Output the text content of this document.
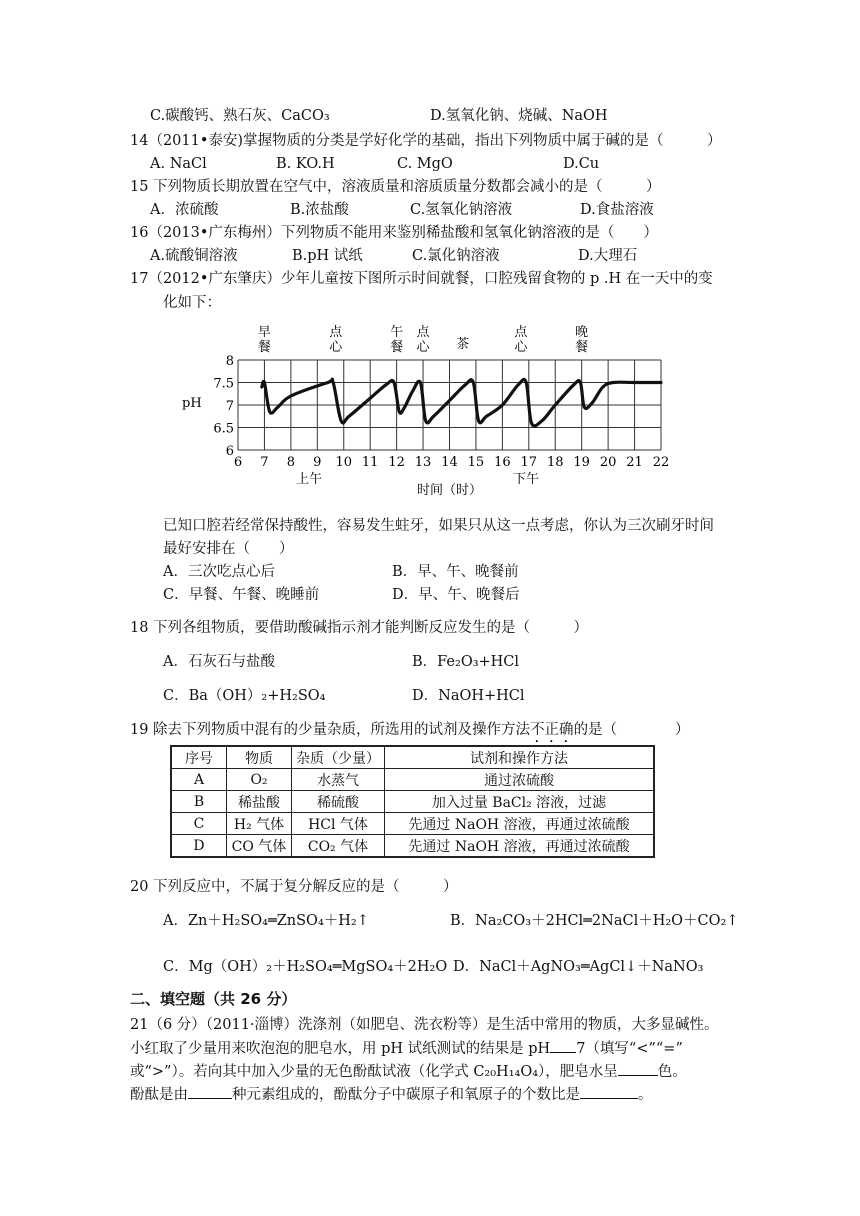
C.碳酸钙、熟石灰、CaCO₃	D.氢氧化钠、烧碱、NaOH
14（2011•泰安)掌握物质的分类是学好化学的基础，指出下列物质中属于碱的是（　　　）
A. NaCl	B. KO.H	C. MgO	D.Cu
15 下列物质长期放置在空气中，溶液质量和溶质质量分数都会减小的是（　　　）
A．浓硫酸	B.浓盐酸	C.氢氧化钠溶液	D.食盐溶液
16（2013•广东梅州）下列物质不能用来鉴别稀盐酸和氢氧化钠溶液的是（　　）
A.硫酸铜溶液	B.pH 试纸	C.氯化钠溶液	D.大理石
17（2012•广东肇庆）少年儿童按下图所示时间就餐，口腔残留食物的 p .H 在一天中的变
化如下：
6
6.5
7
7.5
8
6 7 8 9 10 11 12 13 14 15 16 17 18 19 20 21 22
pH
上午	下午
时间（时）
早
餐
点
心
午
餐
点
心 茶
点
心
晚
餐
已知口腔若经常保持酸性，容易发生蛀牙，如果只从这一点考虑，你认为三次刷牙时间
最好安排在（　　）
A．三次吃点心后	B．早、午、晚餐前
C．早餐、午餐、晚睡前	D．早、午、晚餐后
18 下列各组物质，要借助酸碱指示剂才能判断反应发生的是（　　　）
A．石灰石与盐酸	B．Fe₂O₃+HCl
C．Ba（OH）₂+H₂SO₄	D．NaOH+HCl
19 除去下列物质中混有的少量杂质，所选用的试剂及操作方法不正确的是（　　　　）
序号	物质	杂质（少量）	试剂和操作方法
A	O₂	水蒸气	通过浓硫酸
B	稀盐酸	稀硫酸	加入过量 BaCl₂ 溶液，过滤
C	H₂ 气体	HCl 气体	先通过 NaOH 溶液，再通过浓硫酸
D	CO 气体	CO₂ 气体	先通过 NaOH 溶液，再通过浓硫酸
20 下列反应中，不属于复分解反应的是（　　　）
A．Zn＋H₂SO₄═ZnSO₄＋H₂↑	B．Na₂CO₃＋2HCl═2NaCl＋H₂O＋CO₂↑
C．Mg（OH）₂＋H₂SO₄═MgSO₄＋2H₂O D．NaCl＋AgNO₃═AgCl↓＋NaNO₃
二、填空题（共 26 分）
21（6 分）（2011·淄博）洗涤剂（如肥皂、洗衣粉等）是生活中常用的物质，大多显碱性。
小红取了少量用来吹泡泡的肥皂水，用 pH 试纸测试的结果是 pH 7（填写“<”“=”
或“>”）。若向其中加入少量的无色酚酞试液（化学式 C₂₀H₁₄O₄），肥皂水呈	色。
酚酞是由	种元素组成的，酚酞分子中碳原子和氧原子的个数比是	。
